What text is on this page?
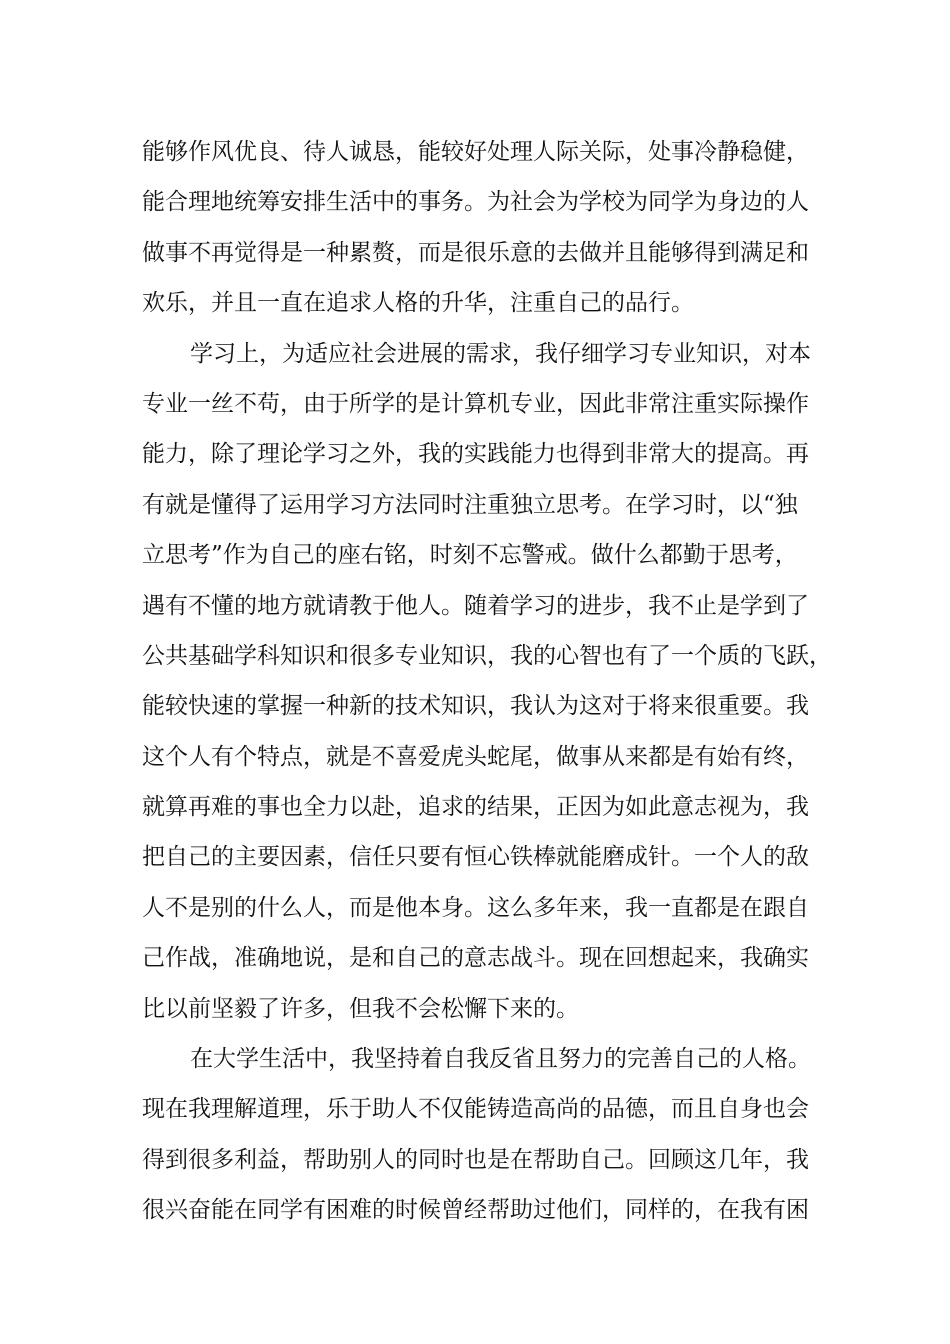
能够作风优良、待人诚恳，能较好处理人际关际，处事冷静稳健，
能合理地统筹安排生活中的事务。为社会为学校为同学为身边的人
做事不再觉得是一种累赘，而是很乐意的去做并且能够得到满足和
欢乐，并且一直在追求人格的升华，注重自己的品行。
学习上，为适应社会进展的需求，我仔细学习专业知识，对本
专业一丝不苟，由于所学的是计算机专业，因此非常注重实际操作
能力，除了理论学习之外，我的实践能力也得到非常大的提高。再
有就是懂得了运用学习方法同时注重独立思考。在学习时，以“独
立思考”作为自己的座右铭，时刻不忘警戒。做什么都勤于思考，
遇有不懂的地方就请教于他人。随着学习的进步，我不止是学到了
公共基础学科知识和很多专业知识，我的心智也有了一个质的飞跃，
能较快速的掌握一种新的技术知识，我认为这对于将来很重要。我
这个人有个特点，就是不喜爱虎头蛇尾，做事从来都是有始有终，
就算再难的事也全力以赴，追求的结果，正因为如此意志视为，我
把自己的主要因素，信任只要有恒心铁棒就能磨成针。一个人的敌
人不是别的什么人，而是他本身。这么多年来，我一直都是在跟自
己作战，准确地说，是和自己的意志战斗。现在回想起来，我确实
比以前坚毅了许多，但我不会松懈下来的。
在大学生活中，我坚持着自我反省且努力的完善自己的人格。
现在我理解道理，乐于助人不仅能铸造高尚的品德，而且自身也会
得到很多利益，帮助别人的同时也是在帮助自己。回顾这几年，我
很兴奋能在同学有困难的时候曾经帮助过他们，同样的，在我有困
